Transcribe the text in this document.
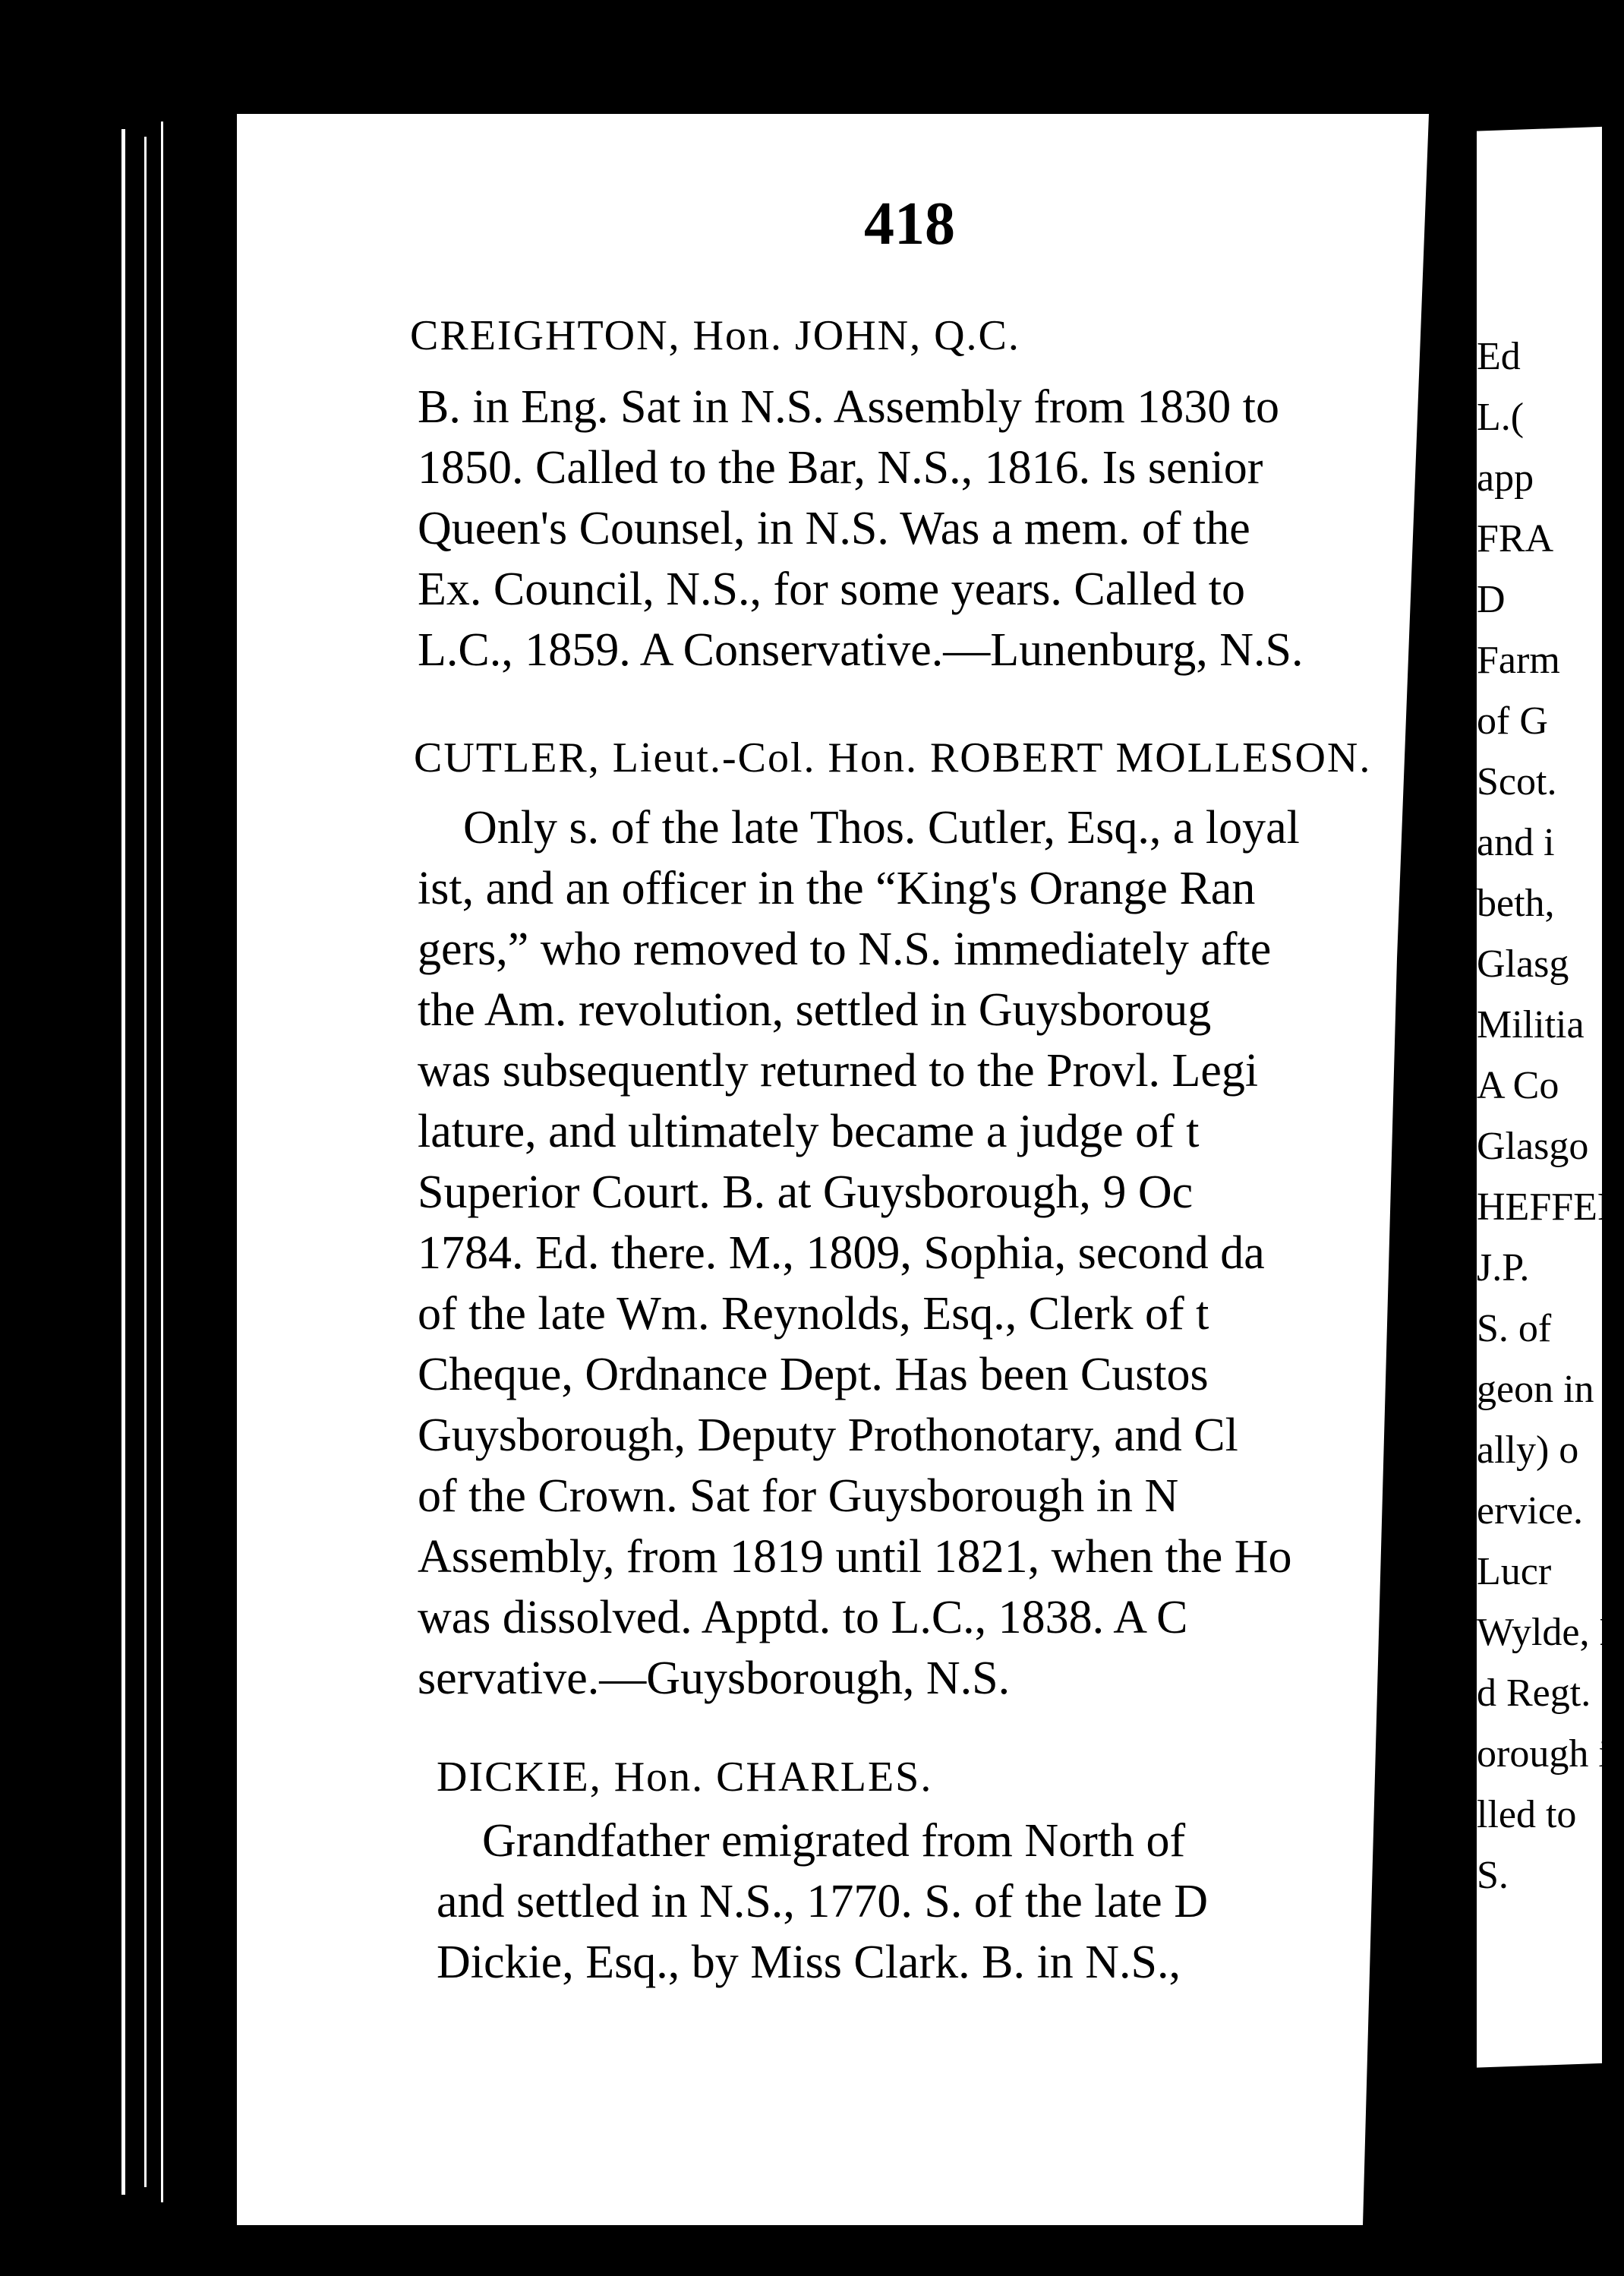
418
CREIGHTON, Hon. JOHN, Q.C.
B. in Eng. Sat in N.S. Assembly from 1830 to
1850. Called to the Bar, N.S., 1816. Is senior
Queen's Counsel, in N.S. Was a mem. of the
Ex. Council, N.S., for some years. Called to
L.C., 1859. A Conservative.—Lunenburg, N.S.
CUTLER, Lieut.-Col. Hon. ROBERT MOLLESON.
Only s. of the late Thos. Cutler, Esq., a loyal
ist, and an officer in the “King's Orange Ran
gers,” who removed to N.S. immediately afte
the Am. revolution, settled in Guysboroug
was subsequently returned to the Provl. Legi
lature, and ultimately became a judge of t
Superior Court. B. at Guysborough, 9 Oc
1784. Ed. there. M., 1809, Sophia, second da
of the late Wm. Reynolds, Esq., Clerk of t
Cheque, Ordnance Dept. Has been Custos
Guysborough, Deputy Prothonotary, and Cl
of the Crown. Sat for Guysborough in N
Assembly, from 1819 until 1821, when the Ho
was dissolved. Apptd. to L.C., 1838. A C
servative.—Guysborough, N.S.
DICKIE, Hon. CHARLES.
Grandfather emigrated from North of
and settled in N.S., 1770. S. of the late D
Dickie, Esq., by Miss Clark. B. in N.S.,
Ed
L.(
app
FRA
D
Farm
of G
Scot.
and i
beth,
Glasg
Militia
A Co
Glasgo
HEFFER
J.P.
S. of
geon in
ally) o
ervice.
Lucr
Wylde, E
d Regt.
orough i
lled to
S.
